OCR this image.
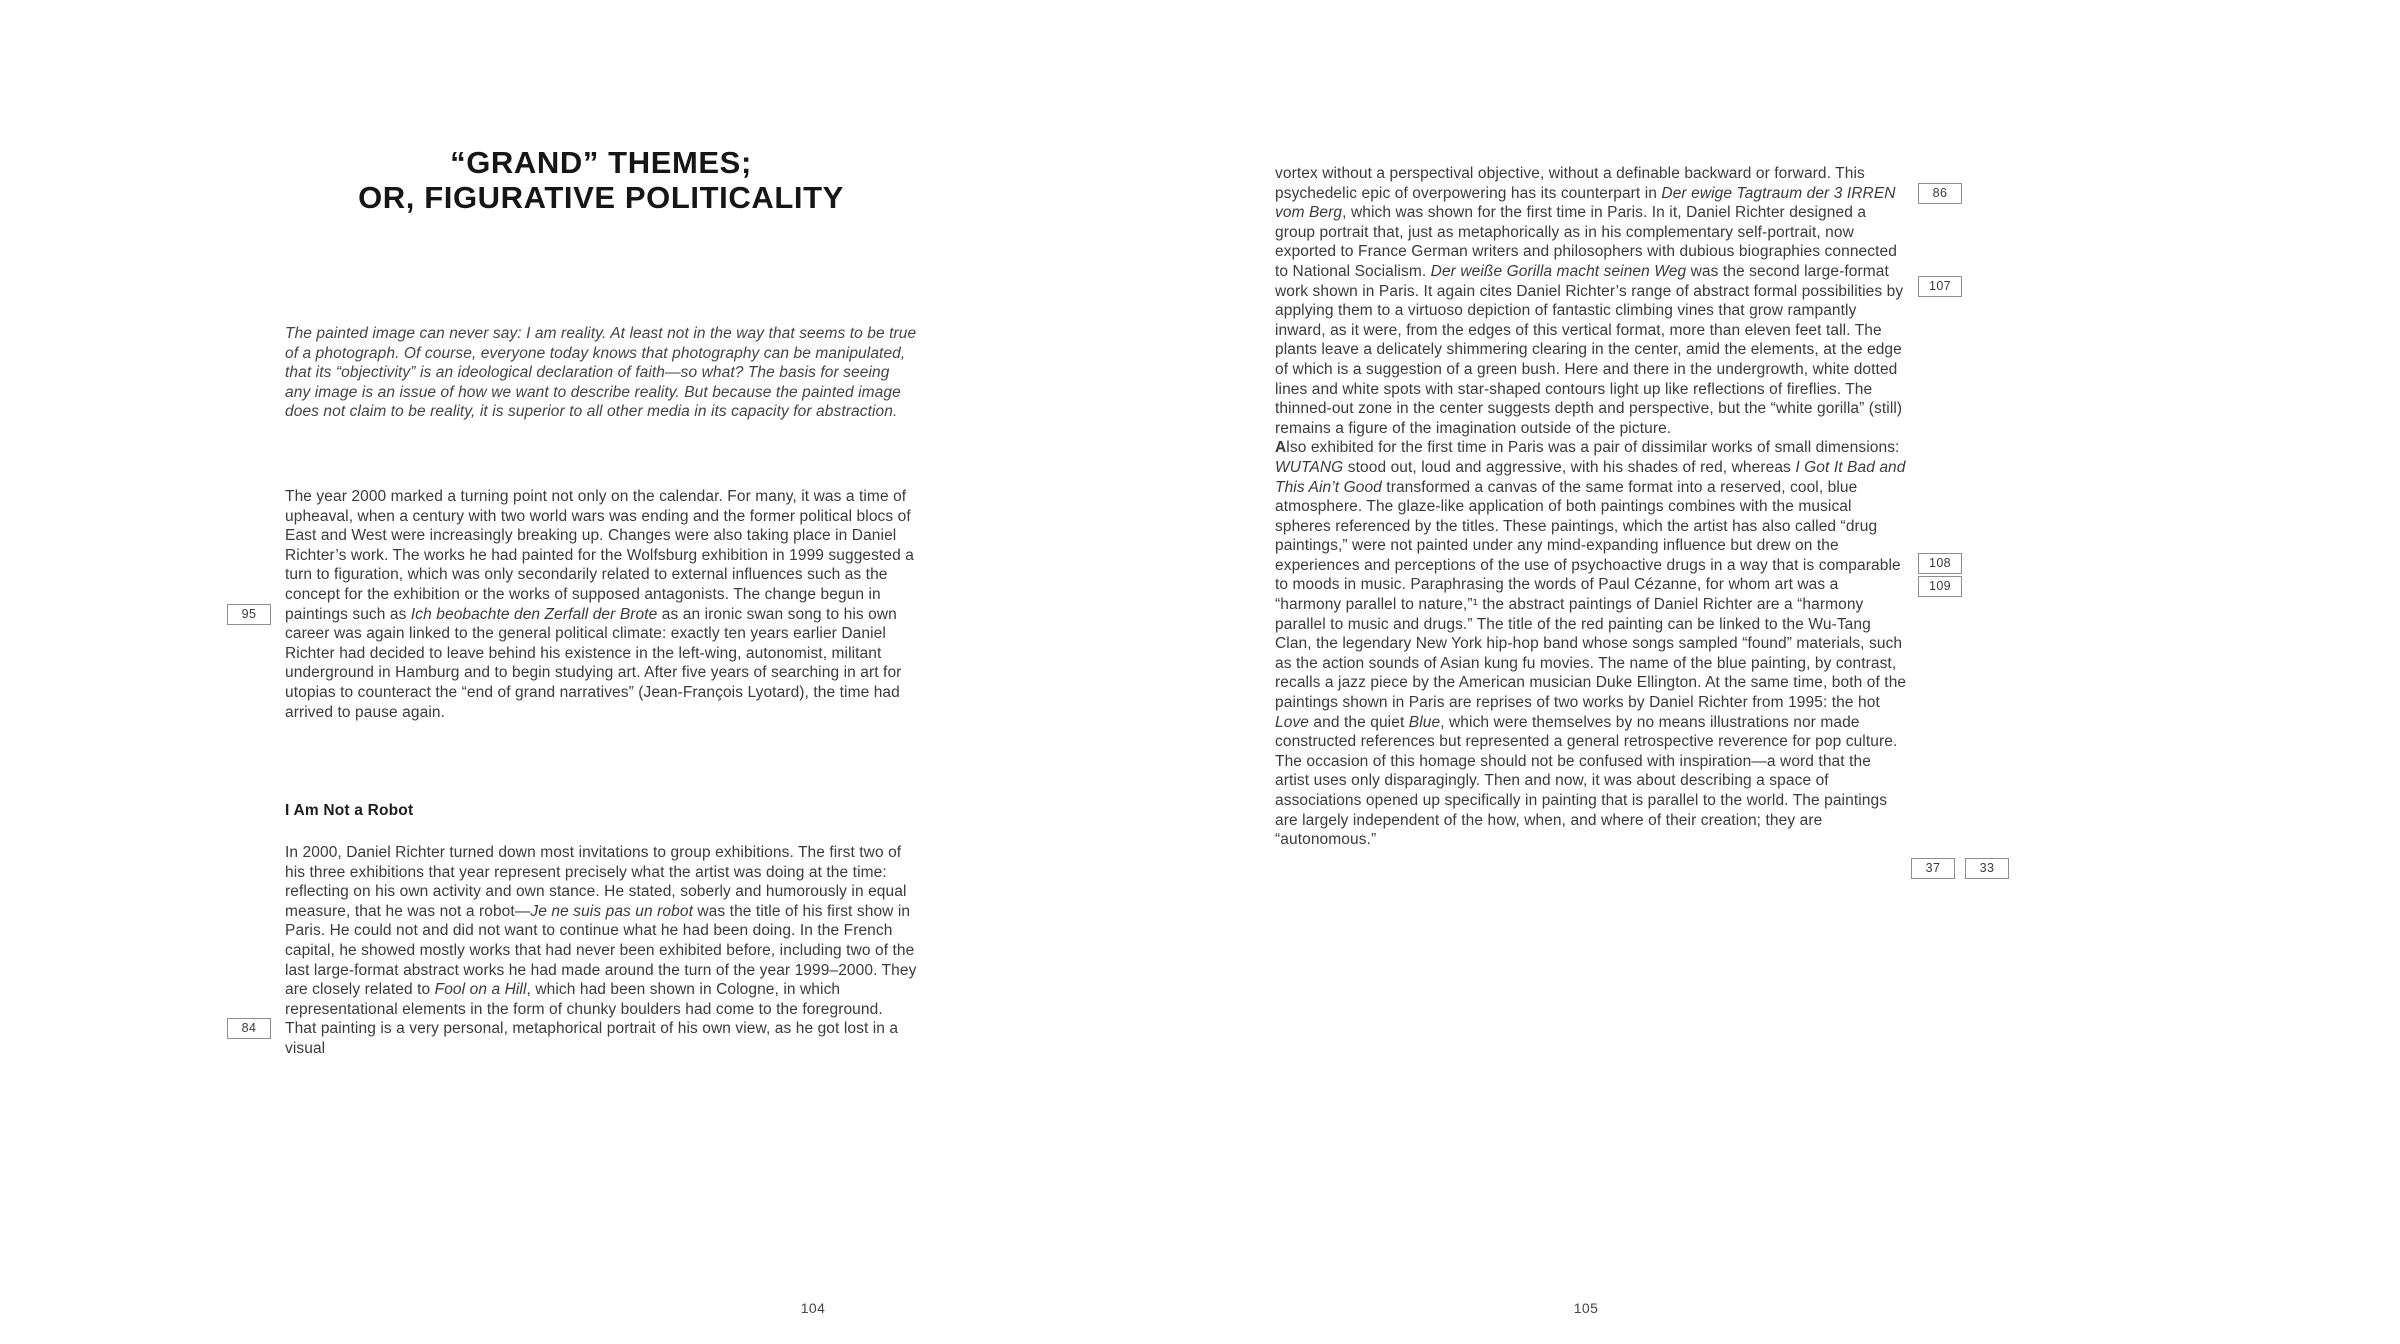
“GRAND” THEMES;
OR, FIGURATIVE POLITICALITY
The painted image can never say: I am reality. At least not in the way that seems to be true of a photograph. Of course, everyone today knows that photography can be manipulated, that its “objectivity” is an ideological declaration of faith—so what? The basis for seeing any image is an issue of how we want to describe reality. But because the painted image does not claim to be reality, it is superior to all other media in its capacity for abstraction.
The year 2000 marked a turning point not only on the calendar. For many, it was a time of upheaval, when a century with two world wars was ending and the former political blocs of East and West were increasingly breaking up. Changes were also taking place in Daniel Richter’s work. The works he had painted for the Wolfsburg exhibition in 1999 suggested a turn to figuration, which was only secondarily related to external influences such as the concept for the exhibition or the works of supposed antagonists. The change begun in paintings such as Ich beobachte den Zerfall der Brote as an ironic swan song to his own career was again linked to the general political climate: exactly ten years earlier Daniel Richter had decided to leave behind his existence in the left-wing, autonomist, militant underground in Hamburg and to begin studying art. After five years of searching in art for utopias to counteract the “end of grand narratives” (Jean-François Lyotard), the time had arrived to pause again.
I Am Not a Robot
In 2000, Daniel Richter turned down most invitations to group exhibitions. The first two of his three exhibitions that year represent precisely what the artist was doing at the time: reflecting on his own activity and own stance. He stated, soberly and humorously in equal measure, that he was not a robot—Je ne suis pas un robot was the title of his first show in Paris. He could not and did not want to continue what he had been doing. In the French capital, he showed mostly works that had never been exhibited before, including two of the last large-format abstract works he had made around the turn of the year 1999–2000. They are closely related to Fool on a Hill, which had been shown in Cologne, in which representational elements in the form of chunky boulders had come to the foreground. That painting is a very personal, metaphorical portrait of his own view, as he got lost in a visual
95
84
104

vortex without a perspectival objective, without a definable backward or forward. This psychedelic epic of overpowering has its counterpart in Der ewige Tagtraum der 3 IRREN vom Berg, which was shown for the first time in Paris. In it, Daniel Richter designed a group portrait that, just as metaphorically as in his complementary self-portrait, now exported to France German writers and philosophers with dubious biographies connected to National Socialism. Der weiße Gorilla macht seinen Weg was the second large-format work shown in Paris. It again cites Daniel Richter’s range of abstract formal possibilities by applying them to a virtuoso depiction of fantastic climbing vines that grow rampantly inward, as it were, from the edges of this vertical format, more than eleven feet tall. The plants leave a delicately shimmering clearing in the center, amid the elements, at the edge of which is a suggestion of a green bush. Here and there in the undergrowth, white dotted lines and white spots with star-shaped contours light up like reflections of fireflies. The thinned-out zone in the center suggests depth and perspective, but the “white gorilla” (still) remains a figure of the imagination outside of the picture.

Also exhibited for the first time in Paris was a pair of dissimilar works of small dimensions: WUTANG stood out, loud and aggressive, with his shades of red, whereas I Got It Bad and This Ain’t Good transformed a canvas of the same format into a reserved, cool, blue atmosphere. The glaze-like application of both paintings combines with the musical spheres referenced by the titles. These paintings, which the artist has also called “drug paintings,” were not painted under any mind-expanding influence but drew on the experiences and perceptions of the use of psychoactive drugs in a way that is comparable to moods in music. Paraphrasing the words of Paul Cézanne, for whom art was a “harmony parallel to nature,”¹ the abstract paintings of Daniel Richter are a “harmony parallel to music and drugs.” The title of the red painting can be linked to the Wu-Tang Clan, the legendary New York hip-hop band whose songs sampled “found” materials, such as the action sounds of Asian kung fu movies. The name of the blue painting, by contrast, recalls a jazz piece by the American musician Duke Ellington. At the same time, both of the paintings shown in Paris are reprises of two works by Daniel Richter from 1995: the hot Love and the quiet Blue, which were themselves by no means illustrations nor made constructed references but represented a general retrospective reverence for pop culture. The occasion of this homage should not be confused with inspiration—a word that the artist uses only disparagingly. Then and now, it was about describing a space of associations opened up specifically in painting that is parallel to the world. The paintings are largely independent of the how, when, and where of their creation; they are “autonomous.”

86
107
108
109
37	33
105
